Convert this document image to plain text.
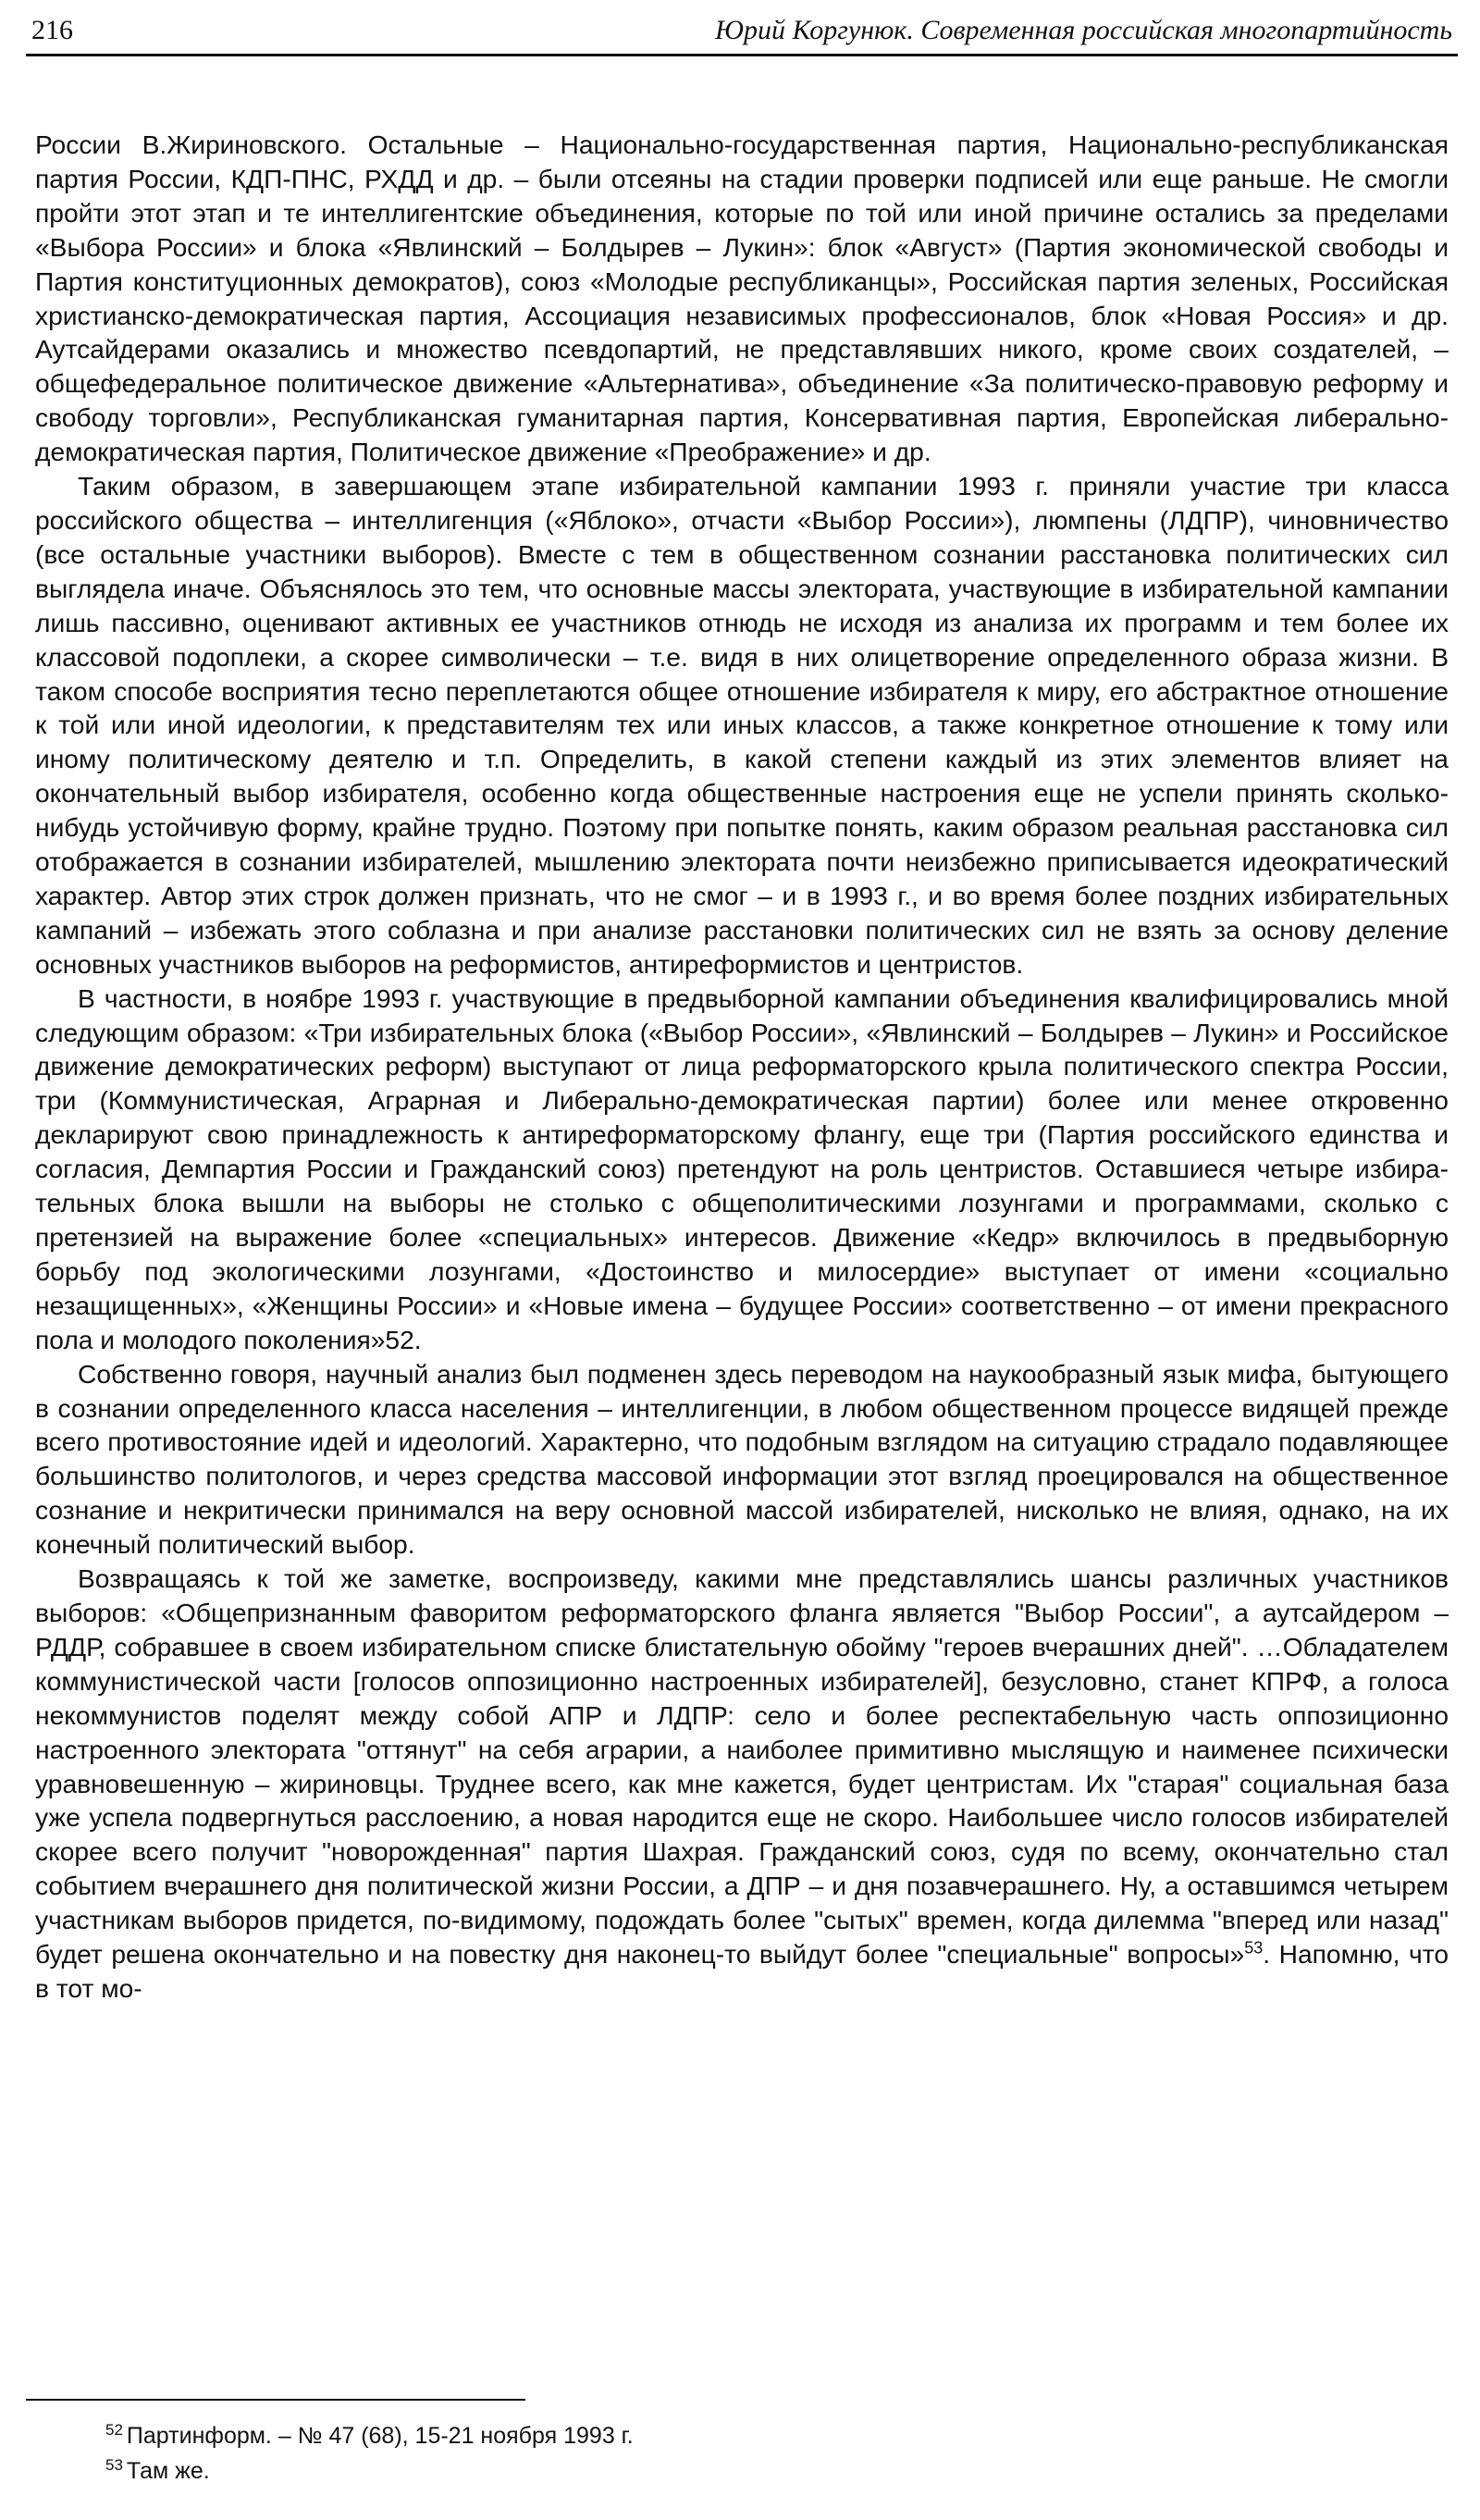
216	Юрий Коргунюк. Современная российская многопартийность

России В.Жириновского. Остальные – Национально-государственная партия, Национально-республиканская партия России, КДП-ПНС, РХДД и др. – были отсеяны на стадии проверки подписей или еще раньше. Не смогли пройти этот этап и те интеллигентские объединения, которые по той или иной причине остались за пределами «Выбора России» и блока «Явлинский – Болдырев – Лукин»: блок «Август» (Партия экономической свободы и Партия конституционных демократов), союз «Молодые республиканцы», Российская партия зеленых, Российская христианско-демократическая партия, Ассоциация независимых профессионалов, блок «Новая Россия» и др. Аутсайдерами оказались и множество псевдопартий, не представлявших никого, кроме своих создателей, – общефедеральное политическое движение «Альтернатива», объединение «За политическо-правовую реформу и свободу торговли», Республиканская гуманитарная партия, Консервативная партия, Европейская либерально-демократическая партия, Политическое движение «Преображение» и др.

Таким образом, в завершающем этапе избирательной кампании 1993 г. приняли участие три класса российского общества – интеллигенция («Яблоко», отчасти «Выбор России»), люмпены (ЛДПР), чиновничество (все остальные участники выборов). Вместе с тем в общественном сознании расстановка политических сил выглядела иначе. Объяснялось это тем, что основные массы электората, участвующие в избирательной кампании лишь пассивно, оценивают активных ее участников отнюдь не исходя из анализа их программ и тем более их классовой подоплеки, а скорее символически – т.е. видя в них олицетворение определенного образа жизни. В таком способе восприятия тесно переплетаются общее отношение избирателя к миру, его абстрактное отношение к той или иной идеологии, к представителям тех или иных классов, а также конкретное отношение к тому или иному политическому деятелю и т.п. Определить, в какой степени каждый из этих элементов влияет на окончательный выбор избирателя, особенно когда общественные настроения еще не успели принять сколько-нибудь устойчивую форму, крайне трудно. Поэтому при попытке понять, каким образом реальная расстановка сил отображается в сознании избирателей, мышлению электората почти неизбежно приписывается идеократический характер. Автор этих строк должен признать, что не смог – и в 1993 г., и во время более поздних избирательных кампаний – избежать этого соблазна и при анализе расстановки политических сил не взять за основу деление основных участников выборов на реформистов, антиреформистов и центристов.

В частности, в ноябре 1993 г. участвующие в предвыборной кампании объединения квалифицировались мной следующим образом: «Три избирательных блока («Выбор России», «Явлинский – Болдырев – Лукин» и Российское движение демократических реформ) выступают от лица реформаторского крыла политического спектра России, три (Коммунистическая, Аграрная и Либерально-демократическая партии) более или менее откровенно декларируют свою принадлежность к антиреформаторскому флангу, еще три (Партия российского единства и согласия, Демпартия России и Гражданский союз) претендуют на роль центристов. Оставшиеся четыре избирательных блока вышли на выборы не столько с общеполитическими лозунгами и программами, сколько с претензией на выражение более «специальных» интересов. Движение «Кедр» включилось в предвыборную борьбу под экологическими лозунгами, «Достоинство и милосердие» выступает от имени «социально незащищенных», «Женщины России» и «Новые имена – будущее России» соответственно – от имени прекрасного пола и молодого поколения»52.

Собственно говоря, научный анализ был подменен здесь переводом на наукообразный язык мифа, бытующего в сознании определенного класса населения – интеллигенции, в любом общественном процессе видящей прежде всего противостояние идей и идеологий. Характерно, что подобным взглядом на ситуацию страдало подавляющее большинство политологов, и через средства массовой информации этот взгляд проецировался на общественное сознание и некритически принимался на веру основной массой избирателей, нисколько не влияя, однако, на их конечный политический выбор.

Возвращаясь к той же заметке, воспроизведу, какими мне представлялись шансы различных участников выборов: «Общепризнанным фаворитом реформаторского фланга является "Выбор России", а аутсайдером – РДДР, собравшее в своем избирательном списке блистательную обойму "героев вчерашних дней". …Обладателем коммунистической части [голосов оппозиционно настроенных избирателей], безусловно, станет КПРФ, а голоса некоммунистов поделят между собой АПР и ЛДПР: село и более респектабельную часть оппозиционно настроенного электората "оттянут" на себя аграрии, а наиболее примитивно мыслящую и наименее психически уравновешенную – жириновцы. Труднее всего, как мне кажется, будет центристам. Их "старая" социальная база уже успела подвергнуться расслоению, а новая народится еще не скоро. Наибольшее число голосов избирателей скорее всего получит "новорожденная" партия Шахрая. Гражданский союз, судя по всему, окончательно стал событием вчерашнего дня политической жизни России, а ДПР – и дня позавчерашнего. Ну, а оставшимся четырем участникам выборов придется, по-видимому, подождать более "сытых" времен, когда дилемма "вперед или назад" будет решена окончательно и на повестку дня наконец-то выйдут более "специальные" вопросы»$^{53}$. Напомню, что в тот мо-

$^{52}$ Партинформ. – № 47 (68), 15-21 ноября 1993 г.
$^{53}$ Там же.
